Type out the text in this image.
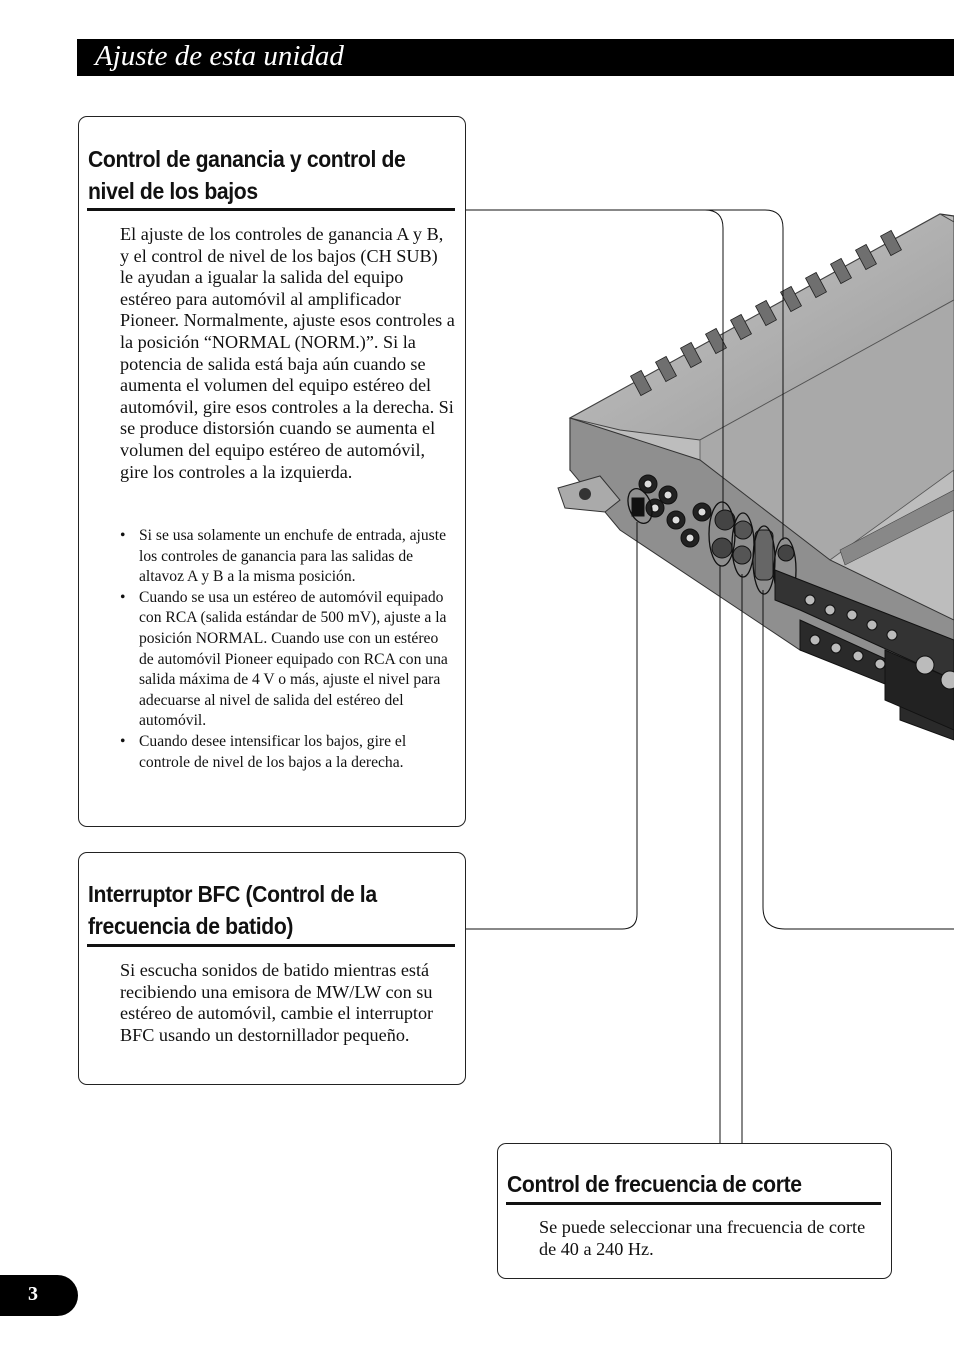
Ajuste de esta unidad
Control de ganancia y control de
nivel de los bajos
El ajuste de los controles de ganancia A y B, y el control de nivel de los bajos (CH SUB) le ayudan a igualar la salida del equipo estéreo para automóvil al amplificador Pioneer. Normalmente, ajuste esos controles a la posición “NORMAL (NORM.)”. Si la potencia de salida está baja aún cuando se aumenta el volumen del equipo estéreo del automóvil, gire esos controles a la derecha. Si se produce distorsión cuando se aumenta el volumen del equipo estéreo de automóvil, gire los controles a la izquierda.
• Si se usa solamente un enchufe de entrada, ajuste los controles de ganancia para las salidas de altavoz A y B a la misma posición.
• Cuando se usa un estéreo de automóvil equipado con RCA (salida estándar de 500 mV), ajuste a la posición NORMAL. Cuando use con un estéreo de automóvil Pioneer equipado con RCA con una salida máxima de 4 V o más, ajuste el nivel para adecuarse al nivel de salida del estéreo del automóvil.
• Cuando desee intensificar los bajos, gire el controle de nivel de los bajos a la derecha.
Interruptor BFC (Control de la
frecuencia de batido)
Si escucha sonidos de batido mientras está recibiendo una emisora de MW/LW con su estéreo de automóvil, cambie el interruptor BFC usando un destornillador pequeño.
Control de frecuencia de corte
Se puede seleccionar una frecuencia de corte de 40 a 240 Hz.
3
